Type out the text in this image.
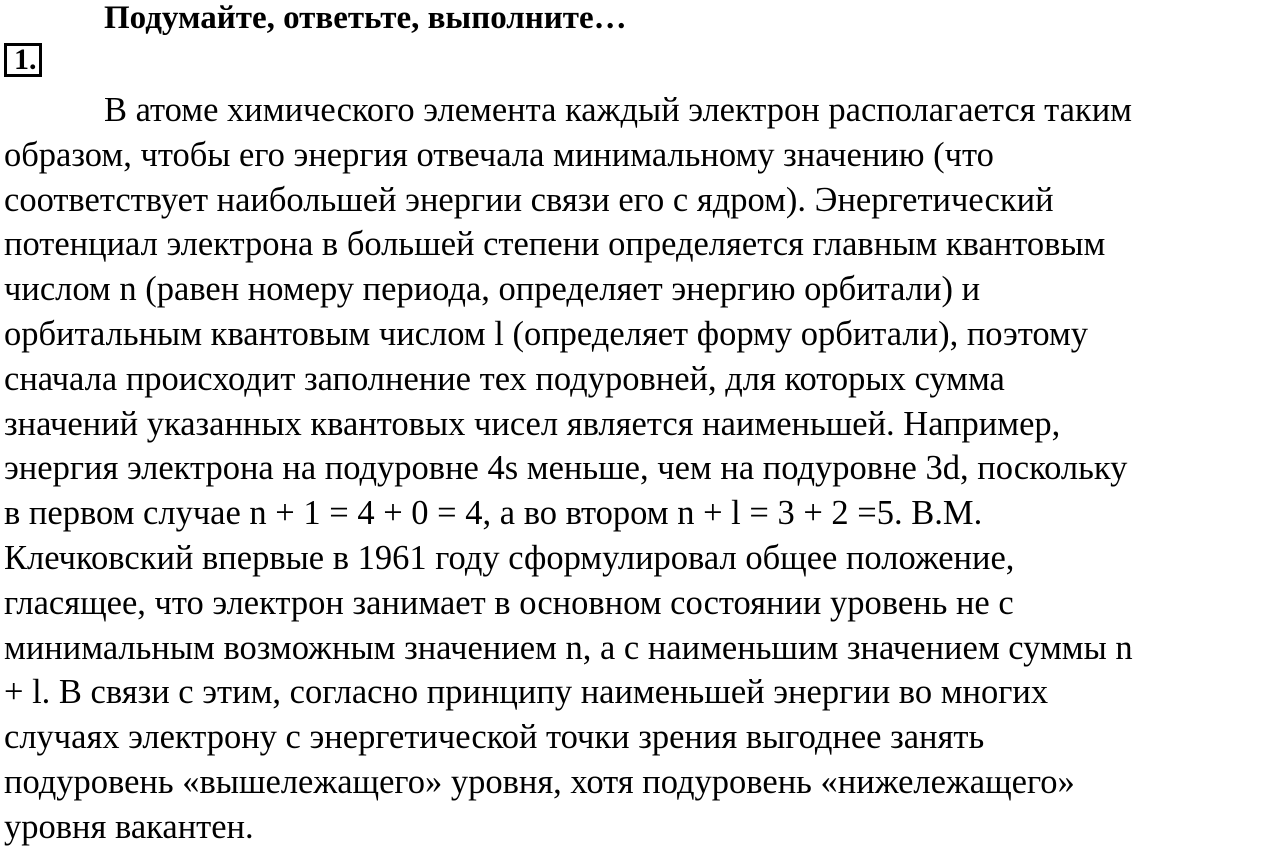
Подумайте, ответьте, выполните…
1.
В атоме химического элемента каждый электрон располагается таким
образом, чтобы его энергия отвечала минимальному значению (что
соответствует наибольшей энергии связи его с ядром). Энергетический
потенциал электрона в большей степени определяется главным квантовым
числом n (равен номеру периода, определяет энергию орбитали) и
орбитальным квантовым числом l (определяет форму орбитали), поэтому
сначала происходит заполнение тех подуровней, для которых сумма
значений указанных квантовых чисел является наименьшей. Например,
энергия электрона на подуровне 4s меньше, чем на подуровне 3d, поскольку
в первом случае n + 1 = 4 + 0 = 4, а во втором n + l = 3 + 2 =5. В.М.
Клечковский впервые в 1961 году сформулировал общее положение,
гласящее, что электрон занимает в основном состоянии уровень не с
минимальным возможным значением n, а с наименьшим значением суммы n
+ l. В связи с этим, согласно принципу наименьшей энергии во многих
случаях электрону с энергетической точки зрения выгоднее занять
подуровень «вышележащего» уровня, хотя подуровень «нижележащего»
уровня вакантен.
